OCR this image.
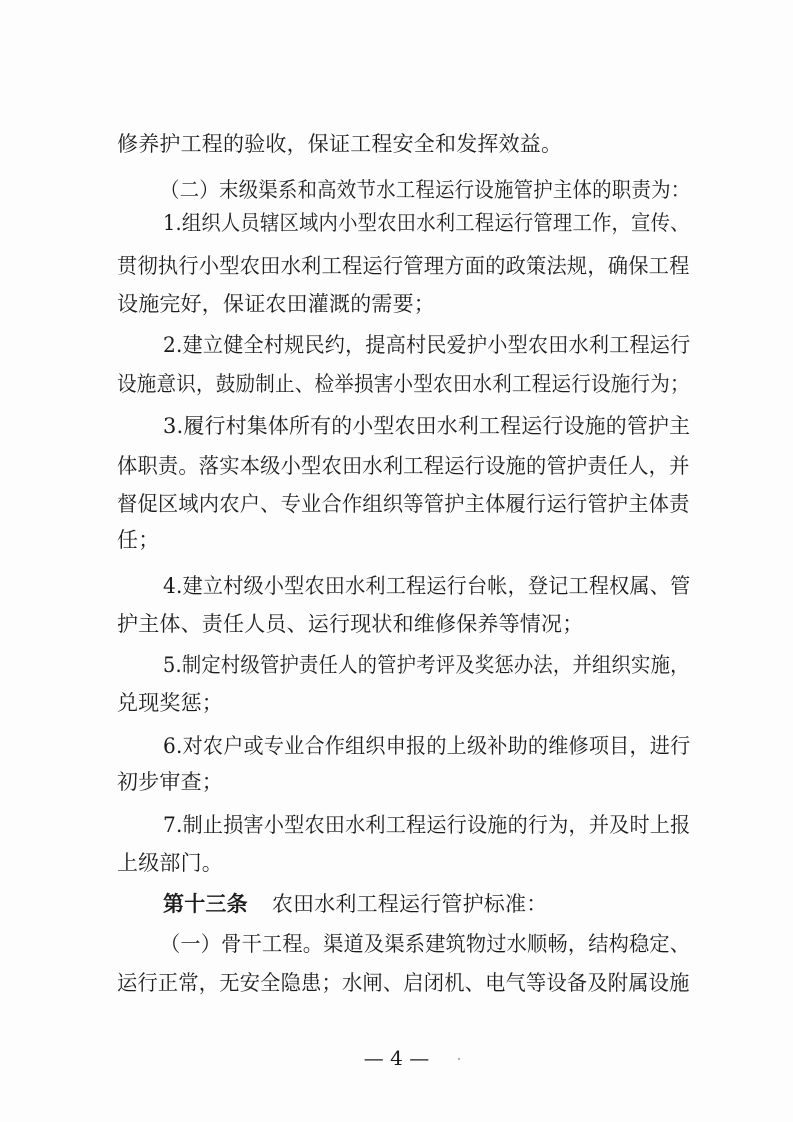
修养护工程的验收，保证工程安全和发挥效益。
（二）末级渠系和高效节水工程运行设施管护主体的职责为：
1.组织人员辖区域内小型农田水利工程运行管理工作，宣传、
贯彻执行小型农田水利工程运行管理方面的政策法规，确保工程
设施完好，保证农田灌溉的需要；
2.建立健全村规民约，提高村民爱护小型农田水利工程运行
设施意识，鼓励制止、检举损害小型农田水利工程运行设施行为；
3.履行村集体所有的小型农田水利工程运行设施的管护主
体职责。落实本级小型农田水利工程运行设施的管护责任人，并
督促区域内农户、专业合作组织等管护主体履行运行管护主体责
任；
4.建立村级小型农田水利工程运行台帐，登记工程权属、管
护主体、责任人员、运行现状和维修保养等情况；
5.制定村级管护责任人的管护考评及奖惩办法，并组织实施，
兑现奖惩；
6.对农户或专业合作组织申报的上级补助的维修项目，进行
初步审查；
7.制止损害小型农田水利工程运行设施的行为，并及时上报
上级部门。
第十三条 农田水利工程运行管护标准：
（一）骨干工程。渠道及渠系建筑物过水顺畅，结构稳定、
运行正常，无安全隐患；水闸、启闭机、电气等设备及附属设施
— 4 —
